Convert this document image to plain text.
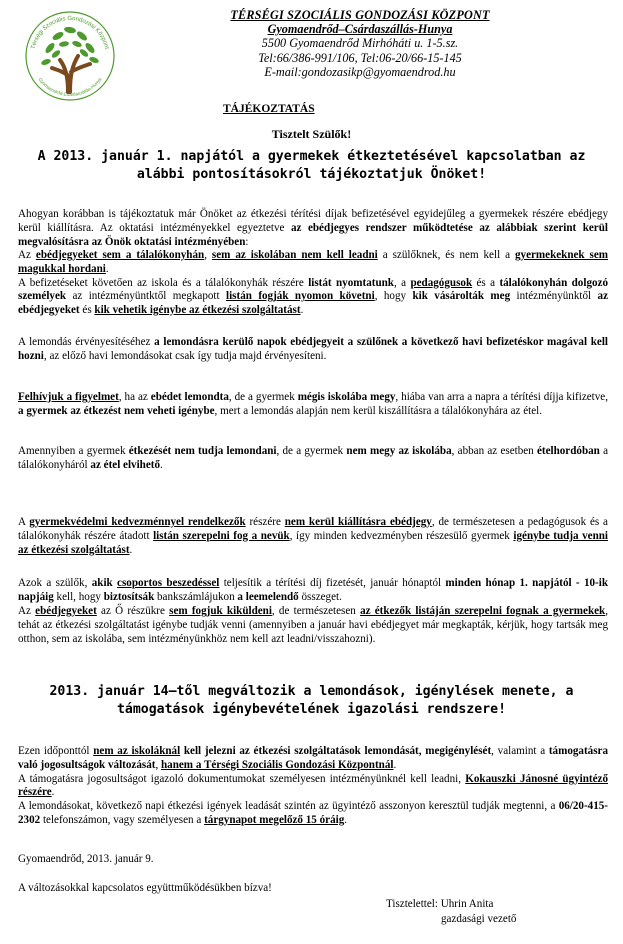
Térségi Szociális Gondozási Központ
Gyomaendrőd-Csárdaszállás-Hunya
TÉRSÉGI SZOCIÁLIS GONDOZÁSI KÖZPONT
Gyomaendrőd–Csárdaszállás-Hunya
5500 Gyomaendrőd Mirhóháti u. 1-5.sz.
Tel:66/386-991/106, Tel:06-20/66-15-145
E-mail:gondozasikp@gyomaendrod.hu
TÁJÉKOZTATÁS
Tisztelt Szülők!
A 2013. január 1. napjától a gyermekek étkeztetésével kapcsolatban az alábbi pontosításokról tájékoztatjuk Önöket!
Ahogyan korábban is tájékoztatuk már Önöket az étkezési térítési díjak befizetésével egyidejűleg a gyermekek részére ebédjegy kerül kiállításra. Az oktatási intézményekkel egyeztetve az ebédjegyes rendszer működtetése az alábbiak szerint kerül megvalósításra az Önök oktatási intézményében:
Az ebédjegyeket sem a tálalókonyhán, sem az iskolában nem kell leadni a szülőknek, és nem kell a gyermekeknek sem magukkal hordani.
A befizetéseket követően az iskola és a tálalókonyhák részére listát nyomtatunk, a pedagógusok és a tálalókonyhán dolgozó személyek az intézményüntktől megkapott listán fogják nyomon követni, hogy kik vásárolták meg intézményünktől az ebédjegyeket és kik vehetik igénybe az étkezési szolgáltatást.
A lemondás érvényesítéséhez a lemondásra kerülő napok ebédjegyeit a szülőnek a következő havi befizetéskor magával kell hozni, az előző havi lemondásokat csak így tudja majd érvényesíteni.
Felhívjuk a figyelmet, ha az ebédet lemondta, de a gyermek mégis iskolába megy, hiába van arra a napra a térítési díjja kifizetve, a gyermek az étkezést nem veheti igénybe, mert a lemondás alapján nem kerül kiszállításra a tálalókonyhára az étel.
Amennyiben a gyermek étkezését nem tudja lemondani, de a gyermek nem megy az iskolába, abban az esetben ételhordóban a tálalókonyháról az étel elvihető.
A gyermekvédelmi kedvezménnyel rendelkezők részére nem kerül kiállításra ebédjegy, de természetesen a pedagógusok és a tálalókonyhák részére átadott listán szerepelni fog a nevük, így minden kedvezményben részesülő gyermek igénybe tudja venni az étkezési szolgáltatást.
Azok a szülők, akik csoportos beszedéssel teljesítik a térítési díj fizetését, január hónaptól minden hónap 1. napjától - 10-ik napjáig kell, hogy biztosítsák bankszámlájukon a leemelendő összeget.
Az ebédjegyeket az Ő részükre sem fogjuk kiküldeni, de természetesen az étkezők listáján szerepelni fognak a gyermekek, tehát az étkezési szolgáltatást igénybe tudják venni (amennyiben a január havi ebédjegyet már megkapták, kérjük, hogy tartsák meg otthon, sem az iskolába, sem intézményünkhöz nem kell azt leadni/visszahozni).
2013. január 14–től megváltozik a lemondások, igénylések menete, a támogatások igénybevételének igazolási rendszere!
Ezen időponttól nem az iskoláknál kell jelezni az étkezési szolgáltatások lemondását, megigénylését, valamint a támogatásra való jogosultságok változását, hanem a Térségi Szociális Gondozási Központnál.
A támogatásra jogosultságot igazoló dokumentumokat személyesen intézményünknél kell leadni, Kokauszki Jánosné ügyintéző részére.
A lemondásokat, következő napi étkezési igények leadását szintén az ügyintéző asszonyon keresztül tudják megtenni, a 06/20-415-2302 telefonszámon, vagy személyesen a tárgynapot megelőző 15 óráig.
Gyomaendrőd, 2013. január 9.
A változásokkal kapcsolatos együttműködésükben bízva!
Tisztelettel: Uhrin Anita
gazdasági vezető
